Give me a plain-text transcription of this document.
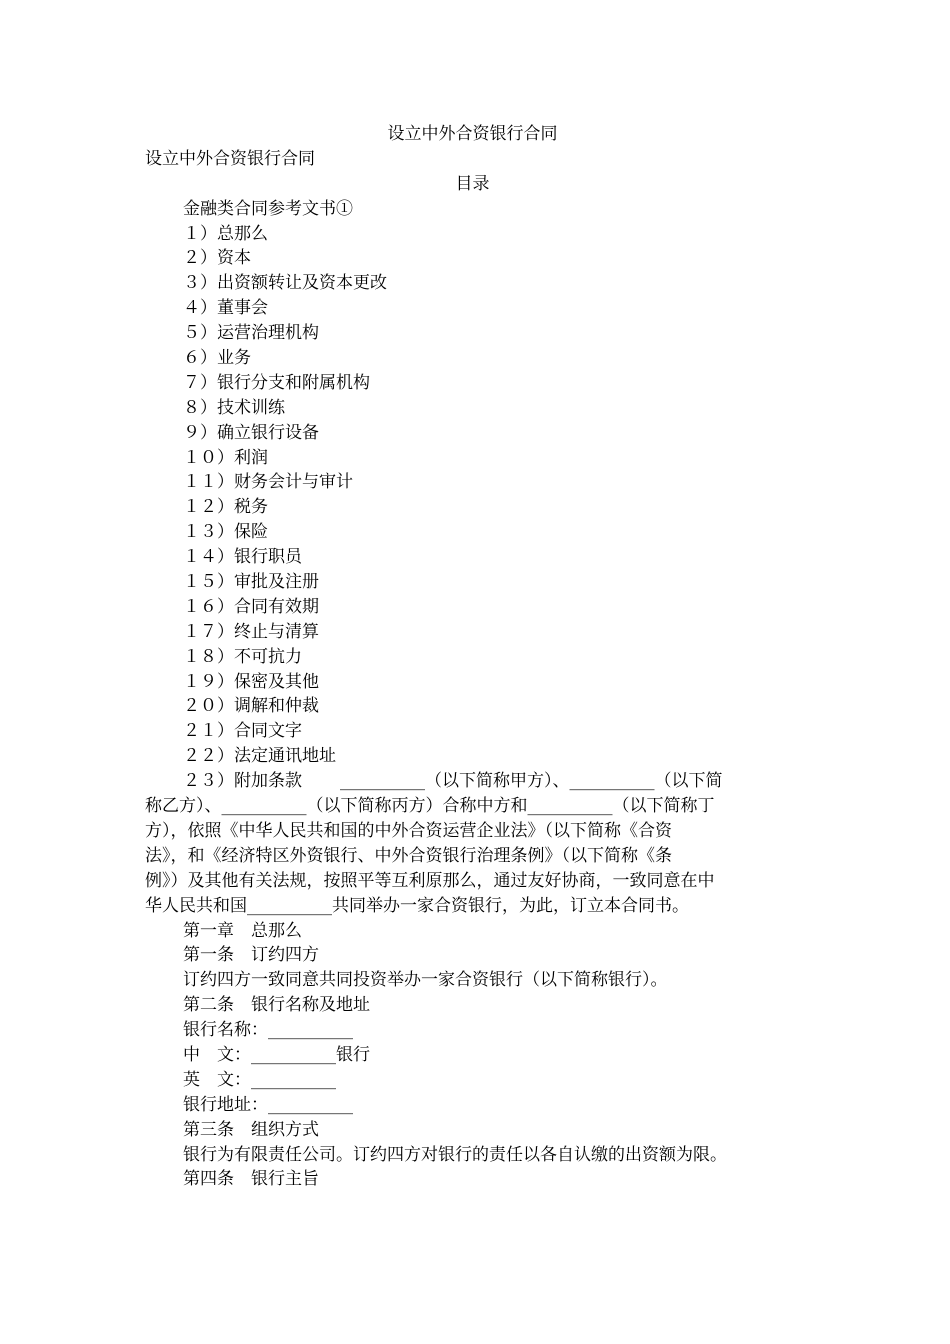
设立中外合资银行合同
设立中外合资银行合同
目录
金融类合同参考文书①
１）总那么
２）资本
３）出资额转让及资本更改
４）董事会
５）运营治理机构
６）业务
７）银行分支和附属机构
８）技术训练
９）确立银行设备
１０）利润
１１）财务会计与审计
１２）税务
１３）保险
１４）银行职员
１５）审批及注册
１６）合同有效期
１７）终止与清算
１８）不可抗力
１９）保密及其他
２０）调解和仲裁
２１）合同文字
２２）法定通讯地址
２３）附加条款 __________（以下简称甲方）、__________（以下简
称乙方）、__________（以下简称丙方）合称中方和__________（以下简称丁
方），依照《中华人民共和国的中外合资运营企业法》（以下简称《合资
法》，和《经济特区外资银行、中外合资银行治理条例》（以下简称《条
例》）及其他有关法规，按照平等互利原那么，通过友好协商，一致同意在中
华人民共和国__________共同举办一家合资银行，为此，订立本合同书。
第一章　总那么
第一条　订约四方
订约四方一致同意共同投资举办一家合资银行（以下简称银行）。
第二条　银行名称及地址
银行名称：__________
中　文：__________银行
英　文：__________
银行地址：__________
第三条　组织方式
银行为有限责任公司。订约四方对银行的责任以各自认缴的出资额为限。
第四条　银行主旨
